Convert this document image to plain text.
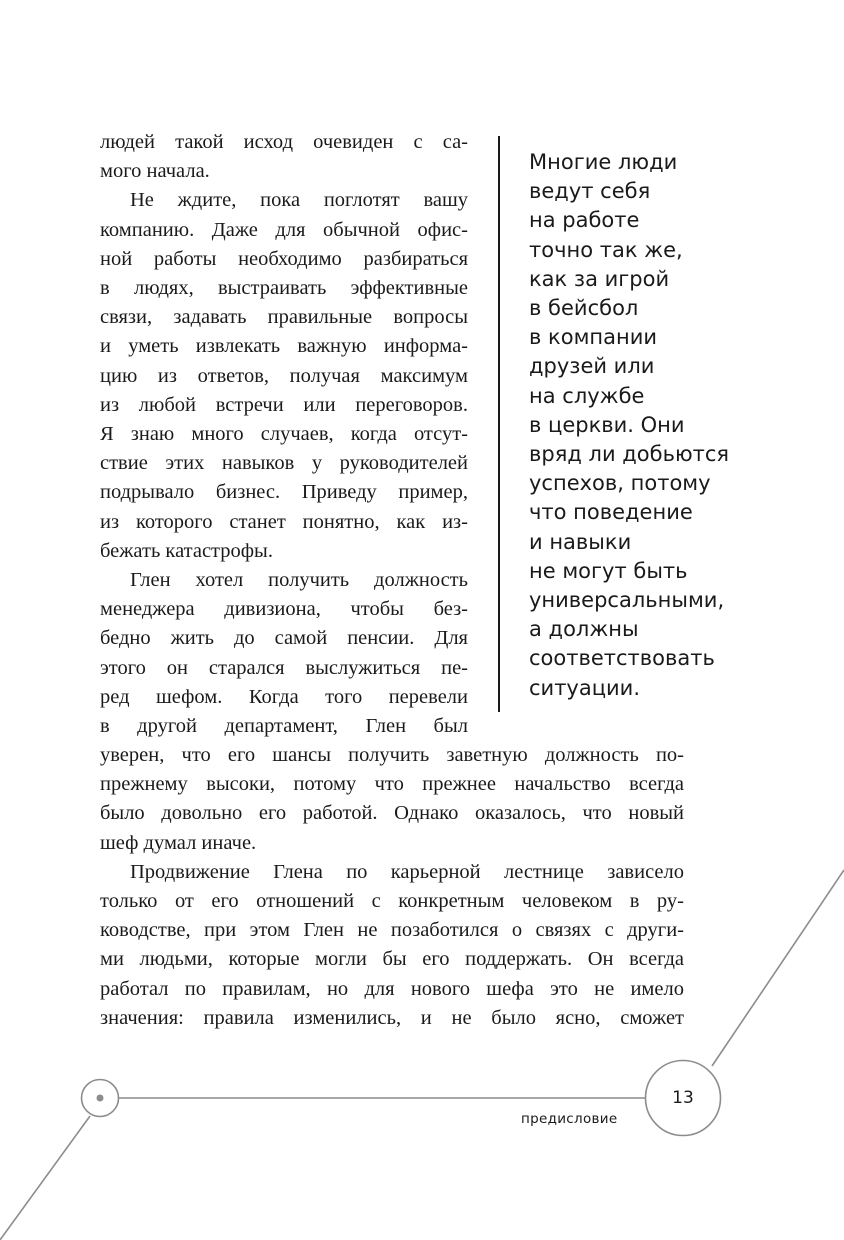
людей такой исход очевиден с са-
мого начала.
Не ждите, пока поглотят вашу
компанию. Даже для обычной офис-
ной работы необходимо разбираться
в людях, выстраивать эффективные
связи, задавать правильные вопросы
и уметь извлекать важную информа-
цию из ответов, получая максимум
из любой встречи или переговоров.
Я знаю много случаев, когда отсут-
ствие этих навыков у руководителей
подрывало бизнес. Приведу пример,
из которого станет понятно, как из-
бежать катастрофы.
Глен хотел получить должность
менеджера дивизиона, чтобы без-
бедно жить до самой пенсии. Для
этого он старался выслужиться пе-
ред шефом. Когда того перевели
в другой департамент, Глен был
Многие люди
ведут себя
на работе
точно так же,
как за игрой
в бейсбол
в компании
друзей или
на службе
в церкви. Они
вряд ли добьются
успехов, потому
что поведение
и навыки
не могут быть
универсальными,
а должны
соответствовать
ситуации.
уверен, что его шансы получить заветную должность по-
прежнему высоки, потому что прежнее начальство всегда
было довольно его работой. Однако оказалось, что новый
шеф думал иначе.
Продвижение Глена по карьерной лестнице зависело
только от его отношений с конкретным человеком в ру-
ководстве, при этом Глен не позаботился о связях с други-
ми людьми, которые могли бы его поддержать. Он всегда
работал по правилам, но для нового шефа это не имело
значения: правила изменились, и не было ясно, сможет
13
предисловие
